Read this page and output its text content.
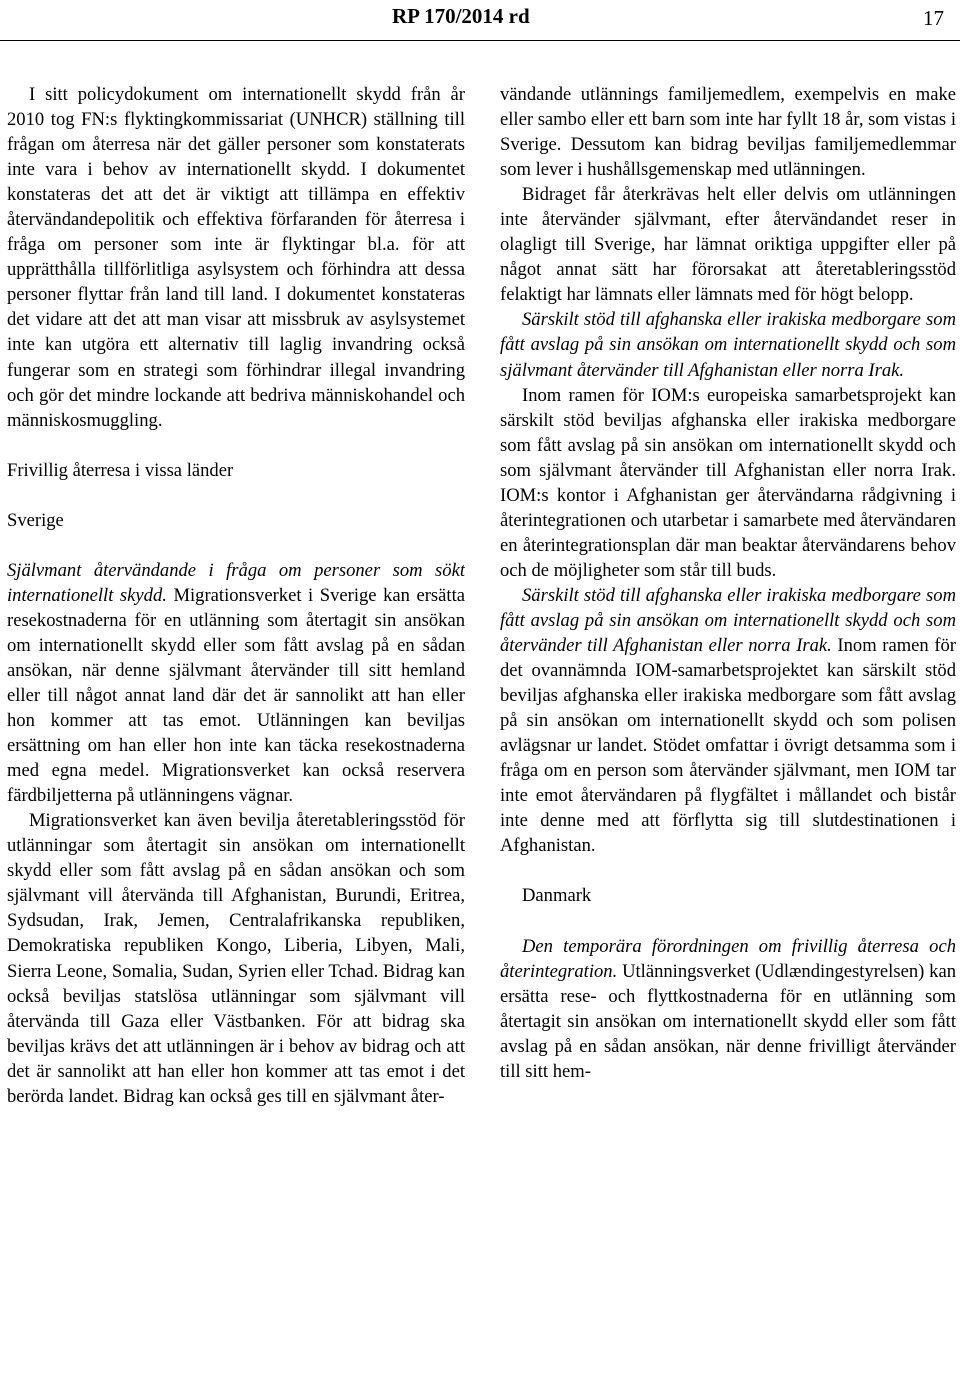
RP 170/2014 rd	17

I sitt policydokument om internationellt skydd från år 2010 tog FN:s flyktingkommissariat (UNHCR) ställning till frågan om återresa när det gäller personer som konstaterats inte vara i behov av internationellt skydd. I dokumentet konstateras det att det är viktigt att tillämpa en effektiv återvändandepolitik och effektiva förfaranden för återresa i fråga om personer som inte är flyktingar bl.a. för att upprätthålla tillförlitliga asylsystem och förhindra att dessa personer flyttar från land till land. I dokumentet konstateras det vidare att det att man visar att missbruk av asylsystemet inte kan utgöra ett alternativ till laglig invandring också fungerar som en strategi som förhindrar illegal invandring och gör det mindre lockande att bedriva människohandel och människosmuggling.

Frivillig återresa i vissa länder

Sverige

Självmant återvändande i fråga om personer som sökt internationellt skydd. Migrationsverket i Sverige kan ersätta resekostnaderna för en utlänning som återtagit sin ansökan om internationellt skydd eller som fått avslag på en sådan ansökan, när denne självmant återvänder till sitt hemland eller till något annat land där det är sannolikt att han eller hon kommer att tas emot. Utlänningen kan beviljas ersättning om han eller hon inte kan täcka resekostnaderna med egna medel. Migrationsverket kan också reservera färdbiljetterna på utlänningens vägnar.

Migrationsverket kan även bevilja återetableringsstöd för utlänningar som återtagit sin ansökan om internationellt skydd eller som fått avslag på en sådan ansökan och som självmant vill återvända till Afghanistan, Burundi, Eritrea, Sydsudan, Irak, Jemen, Centralafrikanska republiken, Demokratiska republiken Kongo, Liberia, Libyen, Mali, Sierra Leone, Somalia, Sudan, Syrien eller Tchad. Bidrag kan också beviljas statslösa utlänningar som självmant vill återvända till Gaza eller Västbanken. För att bidrag ska beviljas krävs det att utlänningen är i behov av bidrag och att det är sannolikt att han eller hon kommer att tas emot i det berörda landet. Bidrag kan också ges till en självmant åter-

vändande utlännings familjemedlem, exempelvis en make eller sambo eller ett barn som inte har fyllt 18 år, som vistas i Sverige. Dessutom kan bidrag beviljas familjemedlemmar som lever i hushållsgemenskap med utlänningen.

Bidraget får återkrävas helt eller delvis om utlänningen inte återvänder självmant, efter återvändandet reser in olagligt till Sverige, har lämnat oriktiga uppgifter eller på något annat sätt har förorsakat att återetableringsstöd felaktigt har lämnats eller lämnats med för högt belopp.

Särskilt stöd till afghanska eller irakiska medborgare som fått avslag på sin ansökan om internationellt skydd och som självmant återvänder till Afghanistan eller norra Irak.

Inom ramen för IOM:s europeiska samarbetsprojekt kan särskilt stöd beviljas afghanska eller irakiska medborgare som fått avslag på sin ansökan om internationellt skydd och som självmant återvänder till Afghanistan eller norra Irak. IOM:s kontor i Afghanistan ger återvändarna rådgivning i återintegrationen och utarbetar i samarbete med återvändaren en återintegrationsplan där man beaktar återvändarens behov och de möjligheter som står till buds.

Särskilt stöd till afghanska eller irakiska medborgare som fått avslag på sin ansökan om internationellt skydd och som återvänder till Afghanistan eller norra Irak. Inom ramen för det ovannämnda IOM-samarbetsprojektet kan särskilt stöd beviljas afghanska eller irakiska medborgare som fått avslag på sin ansökan om internationellt skydd och som polisen avlägsnar ur landet. Stödet omfattar i övrigt detsamma som i fråga om en person som återvänder självmant, men IOM tar inte emot återvändaren på flygfältet i mållandet och bistår inte denne med att förflytta sig till slutdestinationen i Afghanistan.

Danmark

Den temporära förordningen om frivillig återresa och återintegration. Utlänningsverket (Udlændingestyrelsen) kan ersätta rese- och flyttkostnaderna för en utlänning som återtagit sin ansökan om internationellt skydd eller som fått avslag på en sådan ansökan, när denne frivilligt återvänder till sitt hem-
